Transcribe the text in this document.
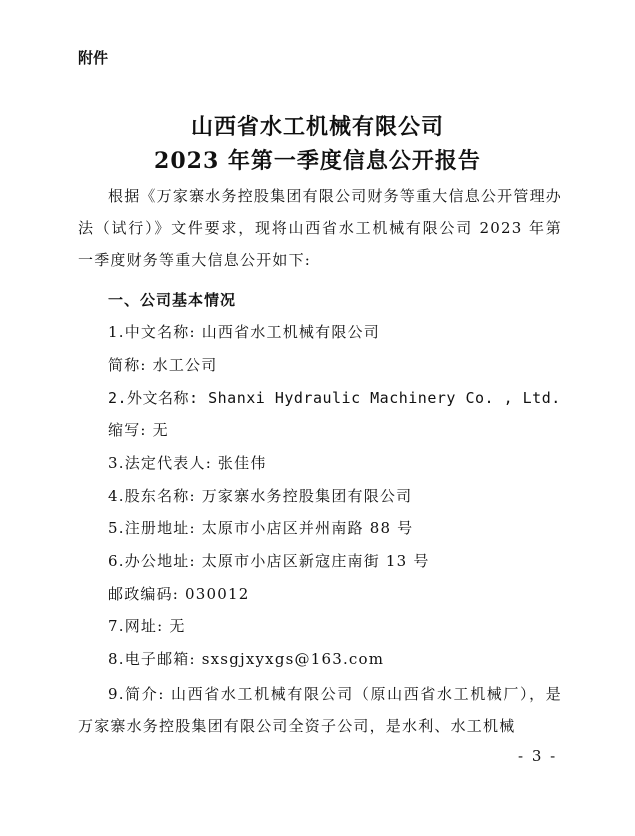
附件
山西省水工机械有限公司
2023 年第一季度信息公开报告
根据《万家寨水务控股集团有限公司财务等重大信息公开管理办法（试行）》文件要求，现将山西省水工机械有限公司 2023 年第一季度财务等重大信息公开如下:
一、公司基本情况
1.中文名称: 山西省水工机械有限公司
简称: 水工公司
2.外文名称: Shanxi Hydraulic Machinery Co. , Ltd.
缩写: 无
3.法定代表人: 张佳伟
4.股东名称: 万家寨水务控股集团有限公司
5.注册地址: 太原市小店区并州南路 88 号
6.办公地址: 太原市小店区新寇庄南街 13 号
邮政编码: 030012
7.网址: 无
8.电子邮箱: sxsgjxyxgs@163.com
9.简介: 山西省水工机械有限公司（原山西省水工机械厂），是万家寨水务控股集团有限公司全资子公司，是水利、水工机械
- 3 -
